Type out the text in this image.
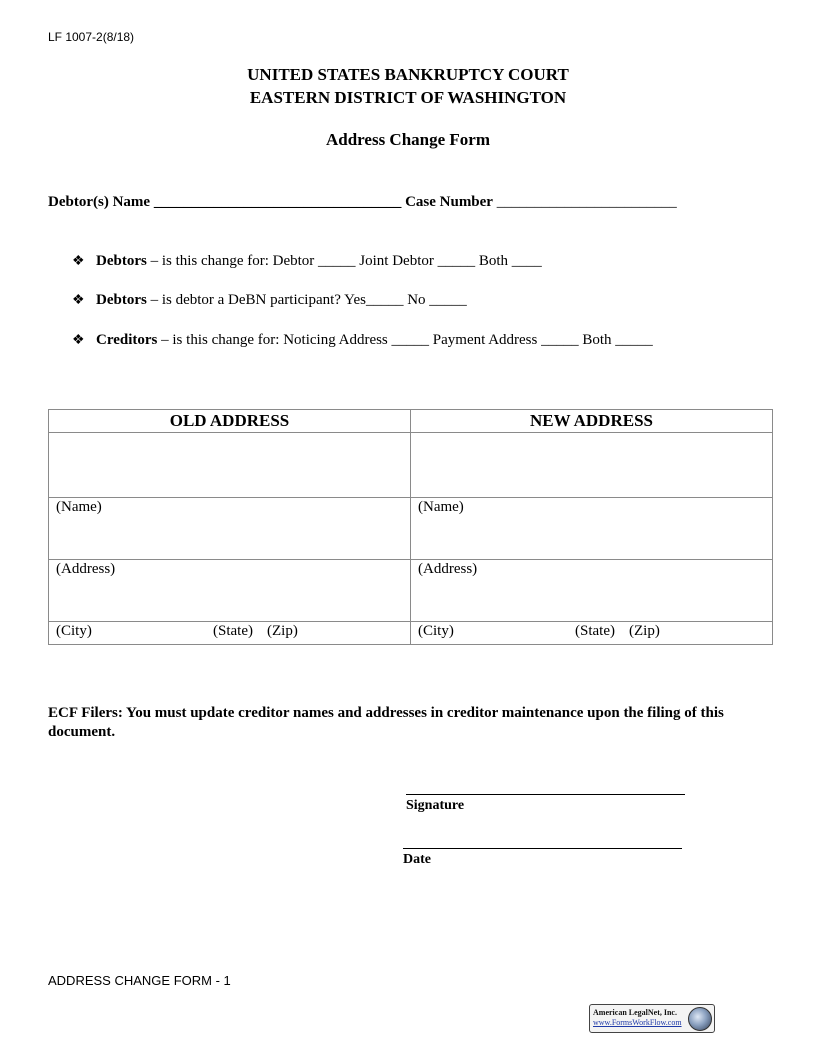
LF 1007-2(8/18)
UNITED STATES BANKRUPTCY COURT
EASTERN DISTRICT OF WASHINGTON
Address Change Form
Debtor(s) Name _________________________________ Case Number ________________________
❖ Debtors – is this change for: Debtor _____ Joint Debtor _____ Both ____
❖ Debtors – is debtor a DeBN participant? Yes_____ No _____
❖ Creditors – is this change for: Noticing Address _____ Payment Address _____ Both _____
OLD ADDRESS	NEW ADDRESS

(Name)	(Name)
(Address)	(Address)
(City) (State) (Zip)	(City) (State) (Zip)
ECF Filers: You must update creditor names and addresses in creditor maintenance upon the filing of this document.
Signature
Date
ADDRESS CHANGE FORM - 1
American LegalNet, Inc.
www.FormsWorkFlow.com
